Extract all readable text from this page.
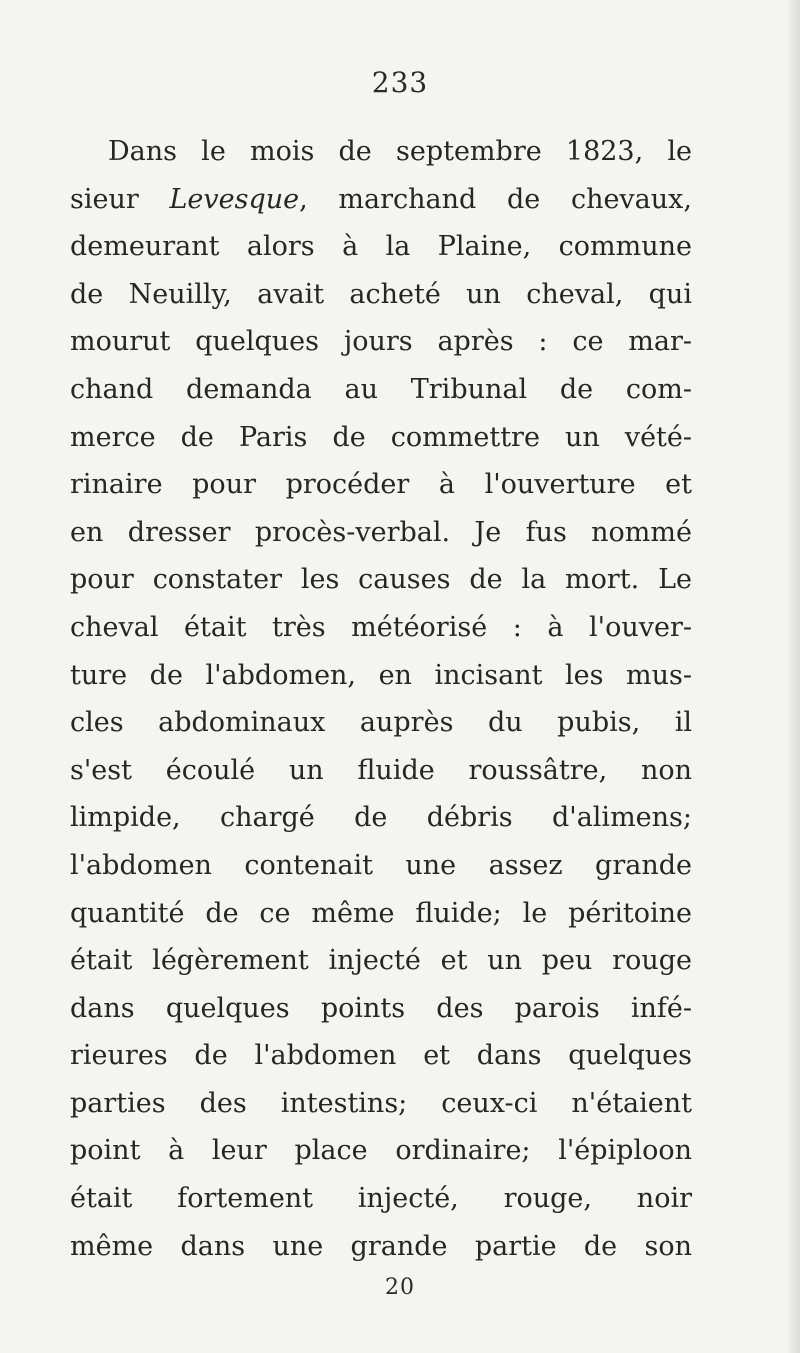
233
Dans le mois de septembre 1823, le
sieur Levesque, marchand de chevaux,
demeurant alors à la Plaine, commune
de Neuilly, avait acheté un cheval, qui
mourut quelques jours après : ce mar-
chand demanda au Tribunal de com-
merce de Paris de commettre un vété-
rinaire pour procéder à l'ouverture et
en dresser procès-verbal. Je fus nommé
pour constater les causes de la mort. Le
cheval était très météorisé : à l'ouver-
ture de l'abdomen, en incisant les mus-
cles abdominaux auprès du pubis, il
s'est écoulé un fluide roussâtre, non
limpide, chargé de débris d'alimens;
l'abdomen contenait une assez grande
quantité de ce même fluide; le péritoine
était légèrement injecté et un peu rouge
dans quelques points des parois infé-
rieures de l'abdomen et dans quelques
parties des intestins; ceux-ci n'étaient
point à leur place ordinaire; l'épiploon
était fortement injecté, rouge, noir
même dans une grande partie de son
20
